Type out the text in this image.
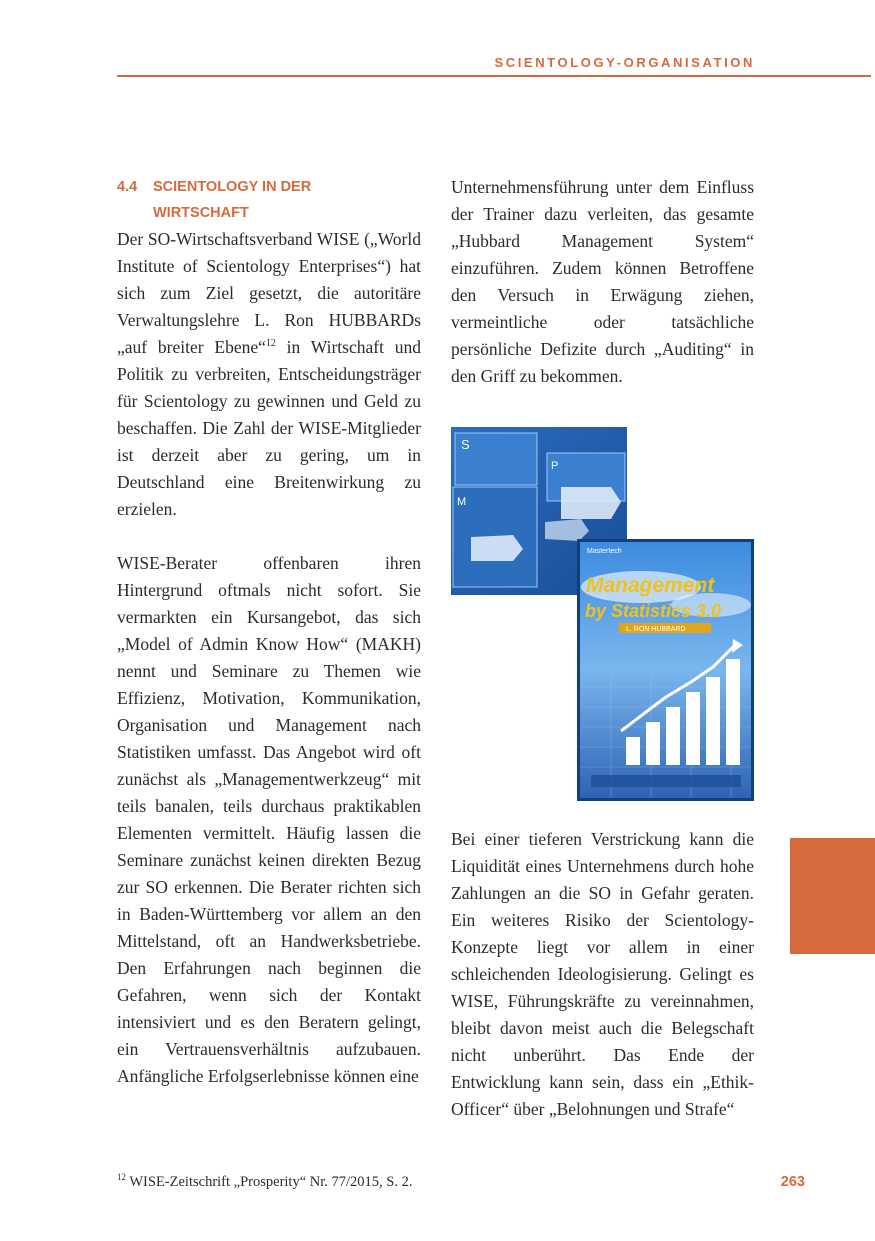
SCIENTOLOGY-ORGANISATION
4.4	SCIENTOLOGY IN DER
WIRTSCHAFT

Der SO-Wirtschaftsverband WISE („World Institute of Scientology Enterprises“) hat sich zum Ziel gesetzt, die autoritäre Verwaltungslehre L. Ron HUBBARDs „auf breiter Ebene“$^{12}$ in Wirtschaft und Politik zu verbreiten, Entscheidungsträger für Scientology zu gewinnen und Geld zu beschaffen. Die Zahl der WISE-Mitglieder ist derzeit aber zu gering, um in Deutschland eine Breitenwirkung zu erzielen.

WISE-Berater offenbaren ihren Hintergrund oftmals nicht sofort. Sie vermarkten ein Kursangebot, das sich „Model of Admin Know How“ (MAKH) nennt und Seminare zu Themen wie Effizienz, Motivation, Kommunikation, Organisation und Management nach Statistiken umfasst. Das Angebot wird oft zunächst als „Managementwerkzeug“ mit teils banalen, teils durchaus praktikablen Elementen vermittelt. Häufig lassen die Seminare zunächst keinen direkten Bezug zur SO erkennen. Die Berater richten sich in Baden-Württemberg vor allem an den Mittelstand, oft an Handwerksbetriebe. Den Erfahrungen nach beginnen die Gefahren, wenn sich der Kontakt intensiviert und es den Beratern gelingt, ein Vertrauensverhältnis aufzubauen. Anfängliche Erfolgserlebnisse können eine

Unternehmensführung unter dem Einfluss der Trainer dazu verleiten, das gesamte „Hubbard Management System“ einzuführen. Zudem können Betroffene den Versuch in Erwägung ziehen, vermeintliche oder tatsächliche persönliche Defizite durch „Auditing“ in den Griff zu bekommen.

S
P
M
Mastertech
Management
by Statistics 3.0
L. RON HUBBARD

Bei einer tieferen Verstrickung kann die Liquidität eines Unternehmens durch hohe Zahlungen an die SO in Gefahr geraten. Ein weiteres Risiko der Scientology-Konzepte liegt vor allem in einer schleichenden Ideologisierung. Gelingt es WISE, Führungskräfte zu vereinnahmen, bleibt davon meist auch die Belegschaft nicht unberührt. Das Ende der Entwicklung kann sein, dass ein „Ethik-Officer“ über „Belohnungen und Strafe“

$^{12}$ WISE-Zeitschrift „Prosperity“ Nr. 77/2015, S. 2.	263
